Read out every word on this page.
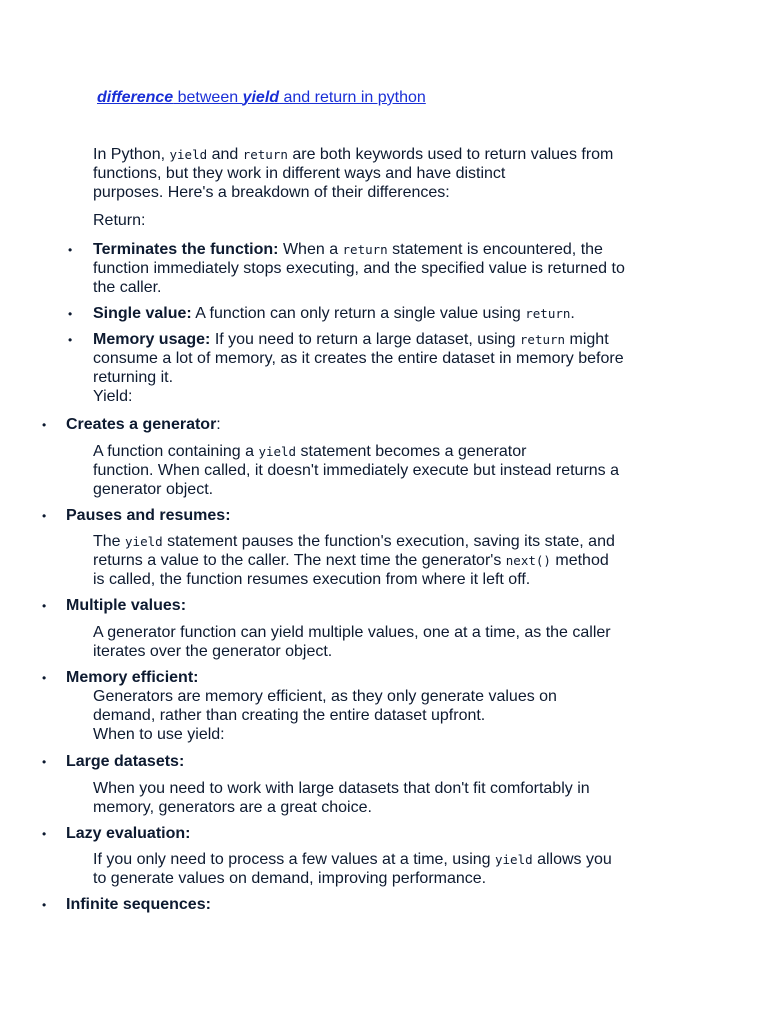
difference between yield and return in python
In Python, yield and return are both keywords used to return values from
functions, but they work in different ways and have distinct
purposes. Here's a breakdown of their differences:
Return:
• Terminates the function: When a return statement is encountered, the
function immediately stops executing, and the specified value is returned to
the caller.
• Single value: A function can only return a single value using return.
• Memory usage: If you need to return a large dataset, using return might
consume a lot of memory, as it creates the entire dataset in memory before
returning it.
Yield:
• Creates a generator:
A function containing a yield statement becomes a generator
function. When called, it doesn't immediately execute but instead returns a
generator object.
• Pauses and resumes:
The yield statement pauses the function's execution, saving its state, and
returns a value to the caller. The next time the generator's next() method
is called, the function resumes execution from where it left off.
• Multiple values:
A generator function can yield multiple values, one at a time, as the caller
iterates over the generator object.
• Memory efficient:
Generators are memory efficient, as they only generate values on
demand, rather than creating the entire dataset upfront.
When to use yield:
• Large datasets:
When you need to work with large datasets that don't fit comfortably in
memory, generators are a great choice.
• Lazy evaluation:
If you only need to process a few values at a time, using yield allows you
to generate values on demand, improving performance.
• Infinite sequences:
